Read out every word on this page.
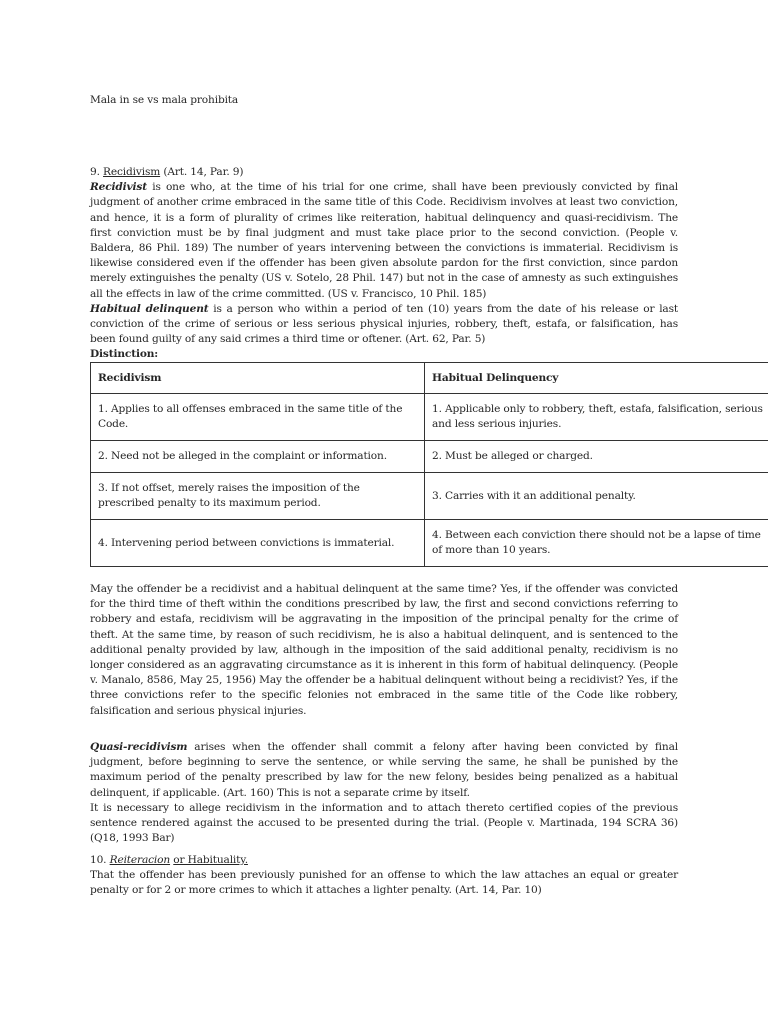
Mala in se vs mala prohibita

9. Recidivism (Art. 14, Par. 9)

Recidivist is one who, at the time of his trial for one crime, shall have been previously convicted by final judgment of another crime embraced in the same title of this Code. Recidivism involves at least two conviction, and hence, it is a form of plurality of crimes like reiteration, habitual delinquency and quasi-recidivism. The first conviction must be by final judgment and must take place prior to the second conviction. (People v. Baldera, 86 Phil. 189) The number of years intervening between the convictions is immaterial. Recidivism is likewise considered even if the offender has been given absolute pardon for the first conviction, since pardon merely extinguishes the penalty (US v. Sotelo, 28 Phil. 147) but not in the case of amnesty as such extinguishes all the effects in law of the crime committed. (US v. Francisco, 10 Phil. 185)

Habitual delinquent is a person who within a period of ten (10) years from the date of his release or last conviction of the crime of serious or less serious physical injuries, robbery, theft, estafa, or falsification, has been found guilty of any said crimes a third time or oftener. (Art. 62, Par. 5)

Distinction:

Recidivism	Habitual Delinquency
1. Applies to all offenses embraced in the same title of the Code.	1. Applicable only to robbery, theft, estafa, falsification, serious and less serious injuries.
2. Need not be alleged in the complaint or information.	2. Must be alleged or charged.
3. If not offset, merely raises the imposition of the prescribed penalty to its maximum period.	3. Carries with it an additional penalty.
4. Intervening period between convictions is immaterial.	4. Between each conviction there should not be a lapse of time of more than 10 years.

May the offender be a recidivist and a habitual delinquent at the same time? Yes, if the offender was convicted for the third time of theft within the conditions prescribed by law, the first and second convictions referring to robbery and estafa, recidivism will be aggravating in the imposition of the principal penalty for the crime of theft. At the same time, by reason of such recidivism, he is also a habitual delinquent, and is sentenced to the additional penalty provided by law, although in the imposition of the said additional penalty, recidivism is no longer considered as an aggravating circumstance as it is inherent in this form of habitual delinquency. (People v. Manalo, 8586, May 25, 1956) May the offender be a habitual delinquent without being a recidivist? Yes, if the three convictions refer to the specific felonies not embraced in the same title of the Code like robbery, falsification and serious physical injuries.

Quasi-recidivism arises when the offender shall commit a felony after having been convicted by final judgment, before beginning to serve the sentence, or while serving the same, he shall be punished by the maximum period of the penalty prescribed by law for the new felony, besides being penalized as a habitual delinquent, if applicable. (Art. 160) This is not a separate crime by itself.

It is necessary to allege recidivism in the information and to attach thereto certified copies of the previous sentence rendered against the accused to be presented during the trial. (People v. Martinada, 194 SCRA 36) (Q18, 1993 Bar)

10. Reiteracion or Habituality.

That the offender has been previously punished for an offense to which the law attaches an equal or greater penalty or for 2 or more crimes to which it attaches a lighter penalty. (Art. 14, Par. 10)
